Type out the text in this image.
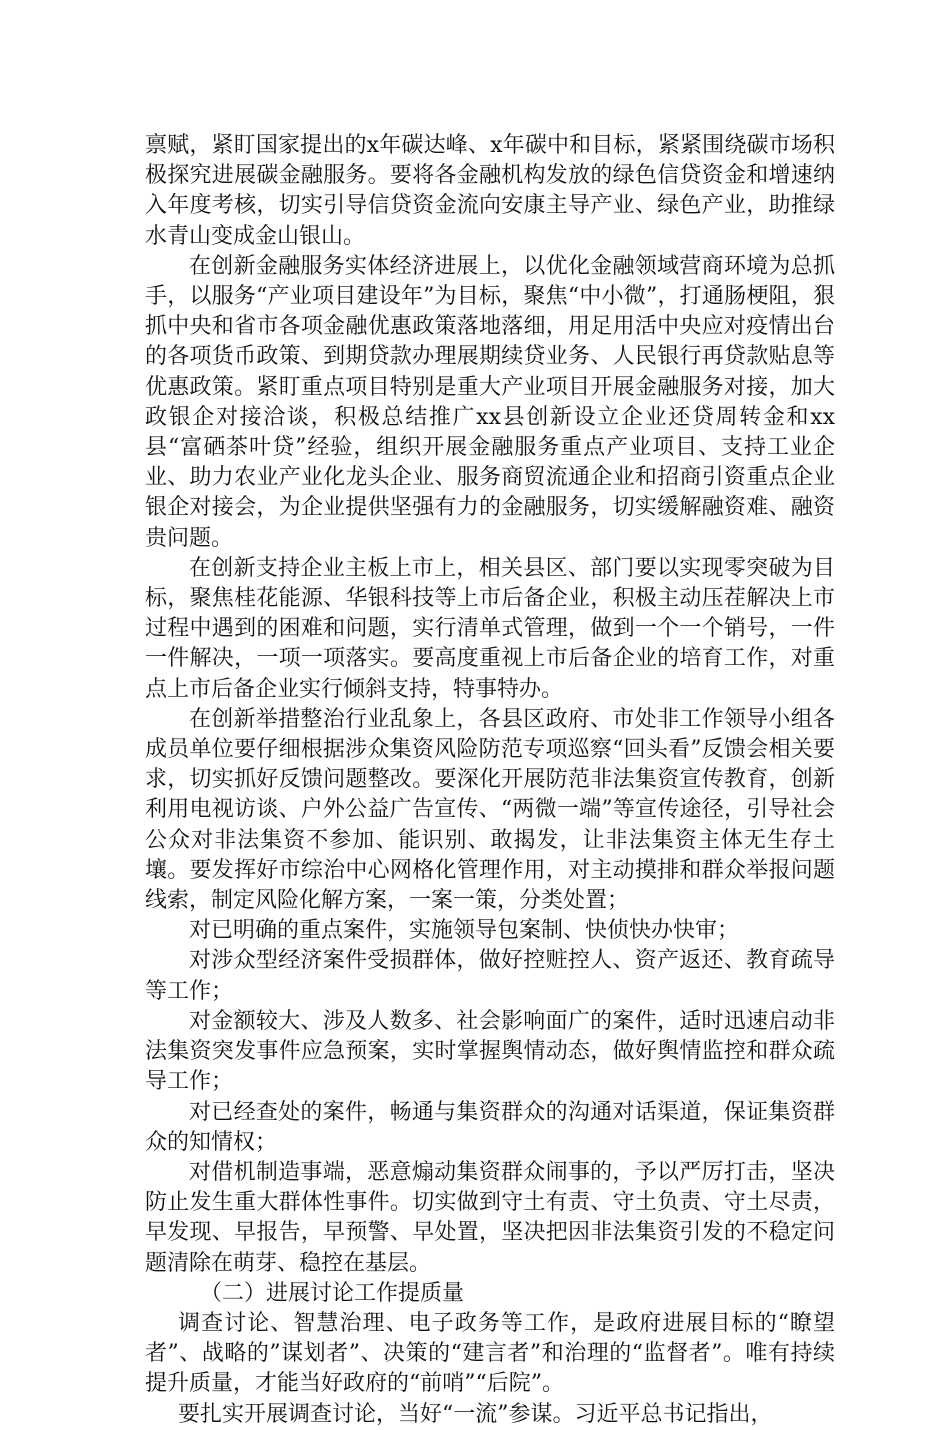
禀赋，紧盯国家提出的x年碳达峰、x年碳中和目标，紧紧围绕碳市场积极探究进展碳金融服务。要将各金融机构发放的绿色信贷资金和增速纳入年度考核，切实引导信贷资金流向安康主导产业、绿色产业，助推绿水青山变成金山银山。

在创新金融服务实体经济进展上，以优化金融领域营商环境为总抓手，以服务“产业项目建设年”为目标，聚焦“中小微”，打通肠梗阻，狠抓中央和省市各项金融优惠政策落地落细，用足用活中央应对疫情出台的各项货币政策、到期贷款办理展期续贷业务、人民银行再贷款贴息等优惠政策。紧盯重点项目特别是重大产业项目开展金融服务对接，加大政银企对接洽谈，积极总结推广xx县创新设立企业还贷周转金和xx县“富硒茶叶贷”经验，组织开展金融服务重点产业项目、支持工业企业、助力农业产业化龙头企业、服务商贸流通企业和招商引资重点企业银企对接会，为企业提供坚强有力的金融服务，切实缓解融资难、融资贵问题。

在创新支持企业主板上市上，相关县区、部门要以实现零突破为目标，聚焦桂花能源、华银科技等上市后备企业，积极主动压茬解决上市过程中遇到的困难和问题，实行清单式管理，做到一个一个销号，一件一件解决，一项一项落实。要高度重视上市后备企业的培育工作，对重点上市后备企业实行倾斜支持，特事特办。

在创新举措整治行业乱象上，各县区政府、市处非工作领导小组各成员单位要仔细根据涉众集资风险防范专项巡察“回头看”反馈会相关要求，切实抓好反馈问题整改。要深化开展防范非法集资宣传教育，创新利用电视访谈、户外公益广告宣传、“两微一端”等宣传途径，引导社会公众对非法集资不参加、能识别、敢揭发，让非法集资主体无生存土壤。要发挥好市综治中心网格化管理作用，对主动摸排和群众举报问题线索，制定风险化解方案，一案一策，分类处置；

对已明确的重点案件，实施领导包案制、快侦快办快审；

对涉众型经济案件受损群体，做好控赃控人、资产返还、教育疏导等工作；

对金额较大、涉及人数多、社会影响面广的案件，适时迅速启动非法集资突发事件应急预案，实时掌握舆情动态，做好舆情监控和群众疏导工作；

对已经查处的案件，畅通与集资群众的沟通对话渠道，保证集资群众的知情权；

对借机制造事端，恶意煽动集资群众闹事的，予以严厉打击，坚决防止发生重大群体性事件。切实做到守土有责、守土负责、守土尽责，早发现、早报告，早预警、早处置，坚决把因非法集资引发的不稳定问题清除在萌芽、稳控在基层。

（二）进展讨论工作提质量

调查讨论、智慧治理、电子政务等工作，是政府进展目标的“瞭望者”、战略的”谋划者”、决策的“建言者”和治理的“监督者”。唯有持续提升质量，才能当好政府的“前哨”“后院”。

要扎实开展调查讨论，当好“一流”参谋。习近平总书记指出，
